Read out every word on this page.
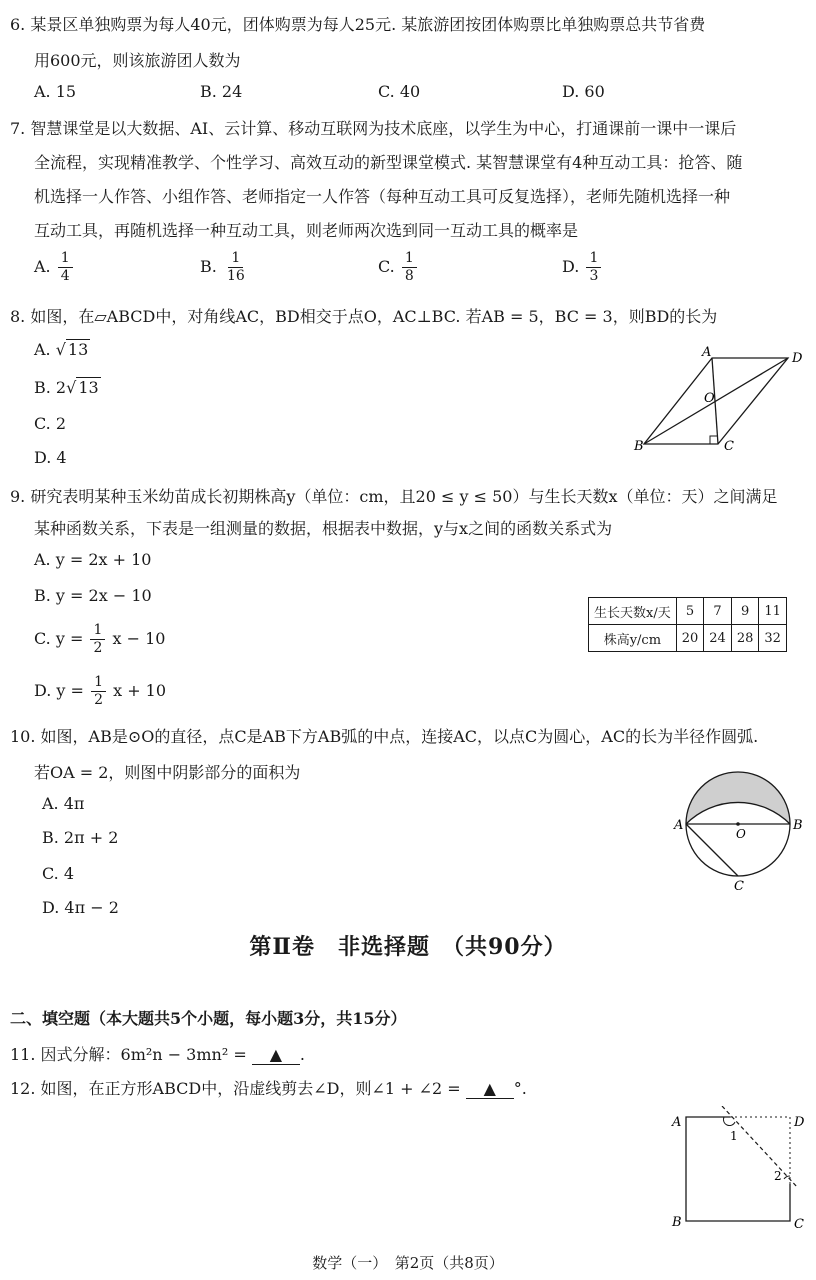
6. 某景区单独购票为每人40元，团体购票为每人25元. 某旅游团按团体购票比单独购票总共节省费
用600元，则该旅游团人数为
A. 15	B. 24	C. 40	D. 60
7. 智慧课堂是以大数据、AI、云计算、移动互联网为技术底座，以学生为中心，打通课前一课中一课后
全流程，实现精准教学、个性学习、高效互动的新型课堂模式. 某智慧课堂有4种互动工具：抢答、随
机选择一人作答、小组作答、老师指定一人作答（每种互动工具可反复选择），老师先随机选择一种
互动工具，再随机选择一种互动工具，则老师两次选到同一互动工具的概率是
A. $\frac{1}{4}$	B. $\frac{1}{16}$	C. $\frac{1}{8}$	D. $\frac{1}{3}$
8. 如图，在▱ABCD中，对角线AC，BD相交于点O，AC⊥BC. 若AB = 5，BC = 3，则BD的长为
A. √ 13
B. 2√ 13
C. 2
D. 4
A	D
O
B	C
9. 研究表明某种玉米幼苗成长初期株高y（单位：cm，且20 ≤ y ≤ 50）与生长天数x（单位：天）之间满足
某种函数关系，下表是一组测量的数据，根据表中数据，y与x之间的函数关系式为
A. y = 2x + 10
B. y = 2x − 10
C. $y = \frac{1}{2}$ x − 10
D. $y = \frac{1}{2}$ x + 10
生长天数x/天	5	7	9	11
株高y/cm	20	24	28	32
10. 如图，AB是⊙O的直径，点C是AB下方AB弧的中点，连接AC，以点C为圆心，AC的长为半径作圆弧.
若OA = 2，则图中阴影部分的面积为
A. 4π
B. 2π + 2
C. 4
D. 4π − 2
A	B
O
C
第Ⅱ卷　非选择题　（共90分）
二、填空题（本大题共5个小题，每小题3分，共15分）
11. 因式分解：6m²n − 3mn² = ▲ .
12. 如图，在正方形ABCD中，沿虚线剪去∠D，则∠1 + ∠2 = ▲ °.
A	D
B	C
1
2
数学（一）　第2页（共8页）
